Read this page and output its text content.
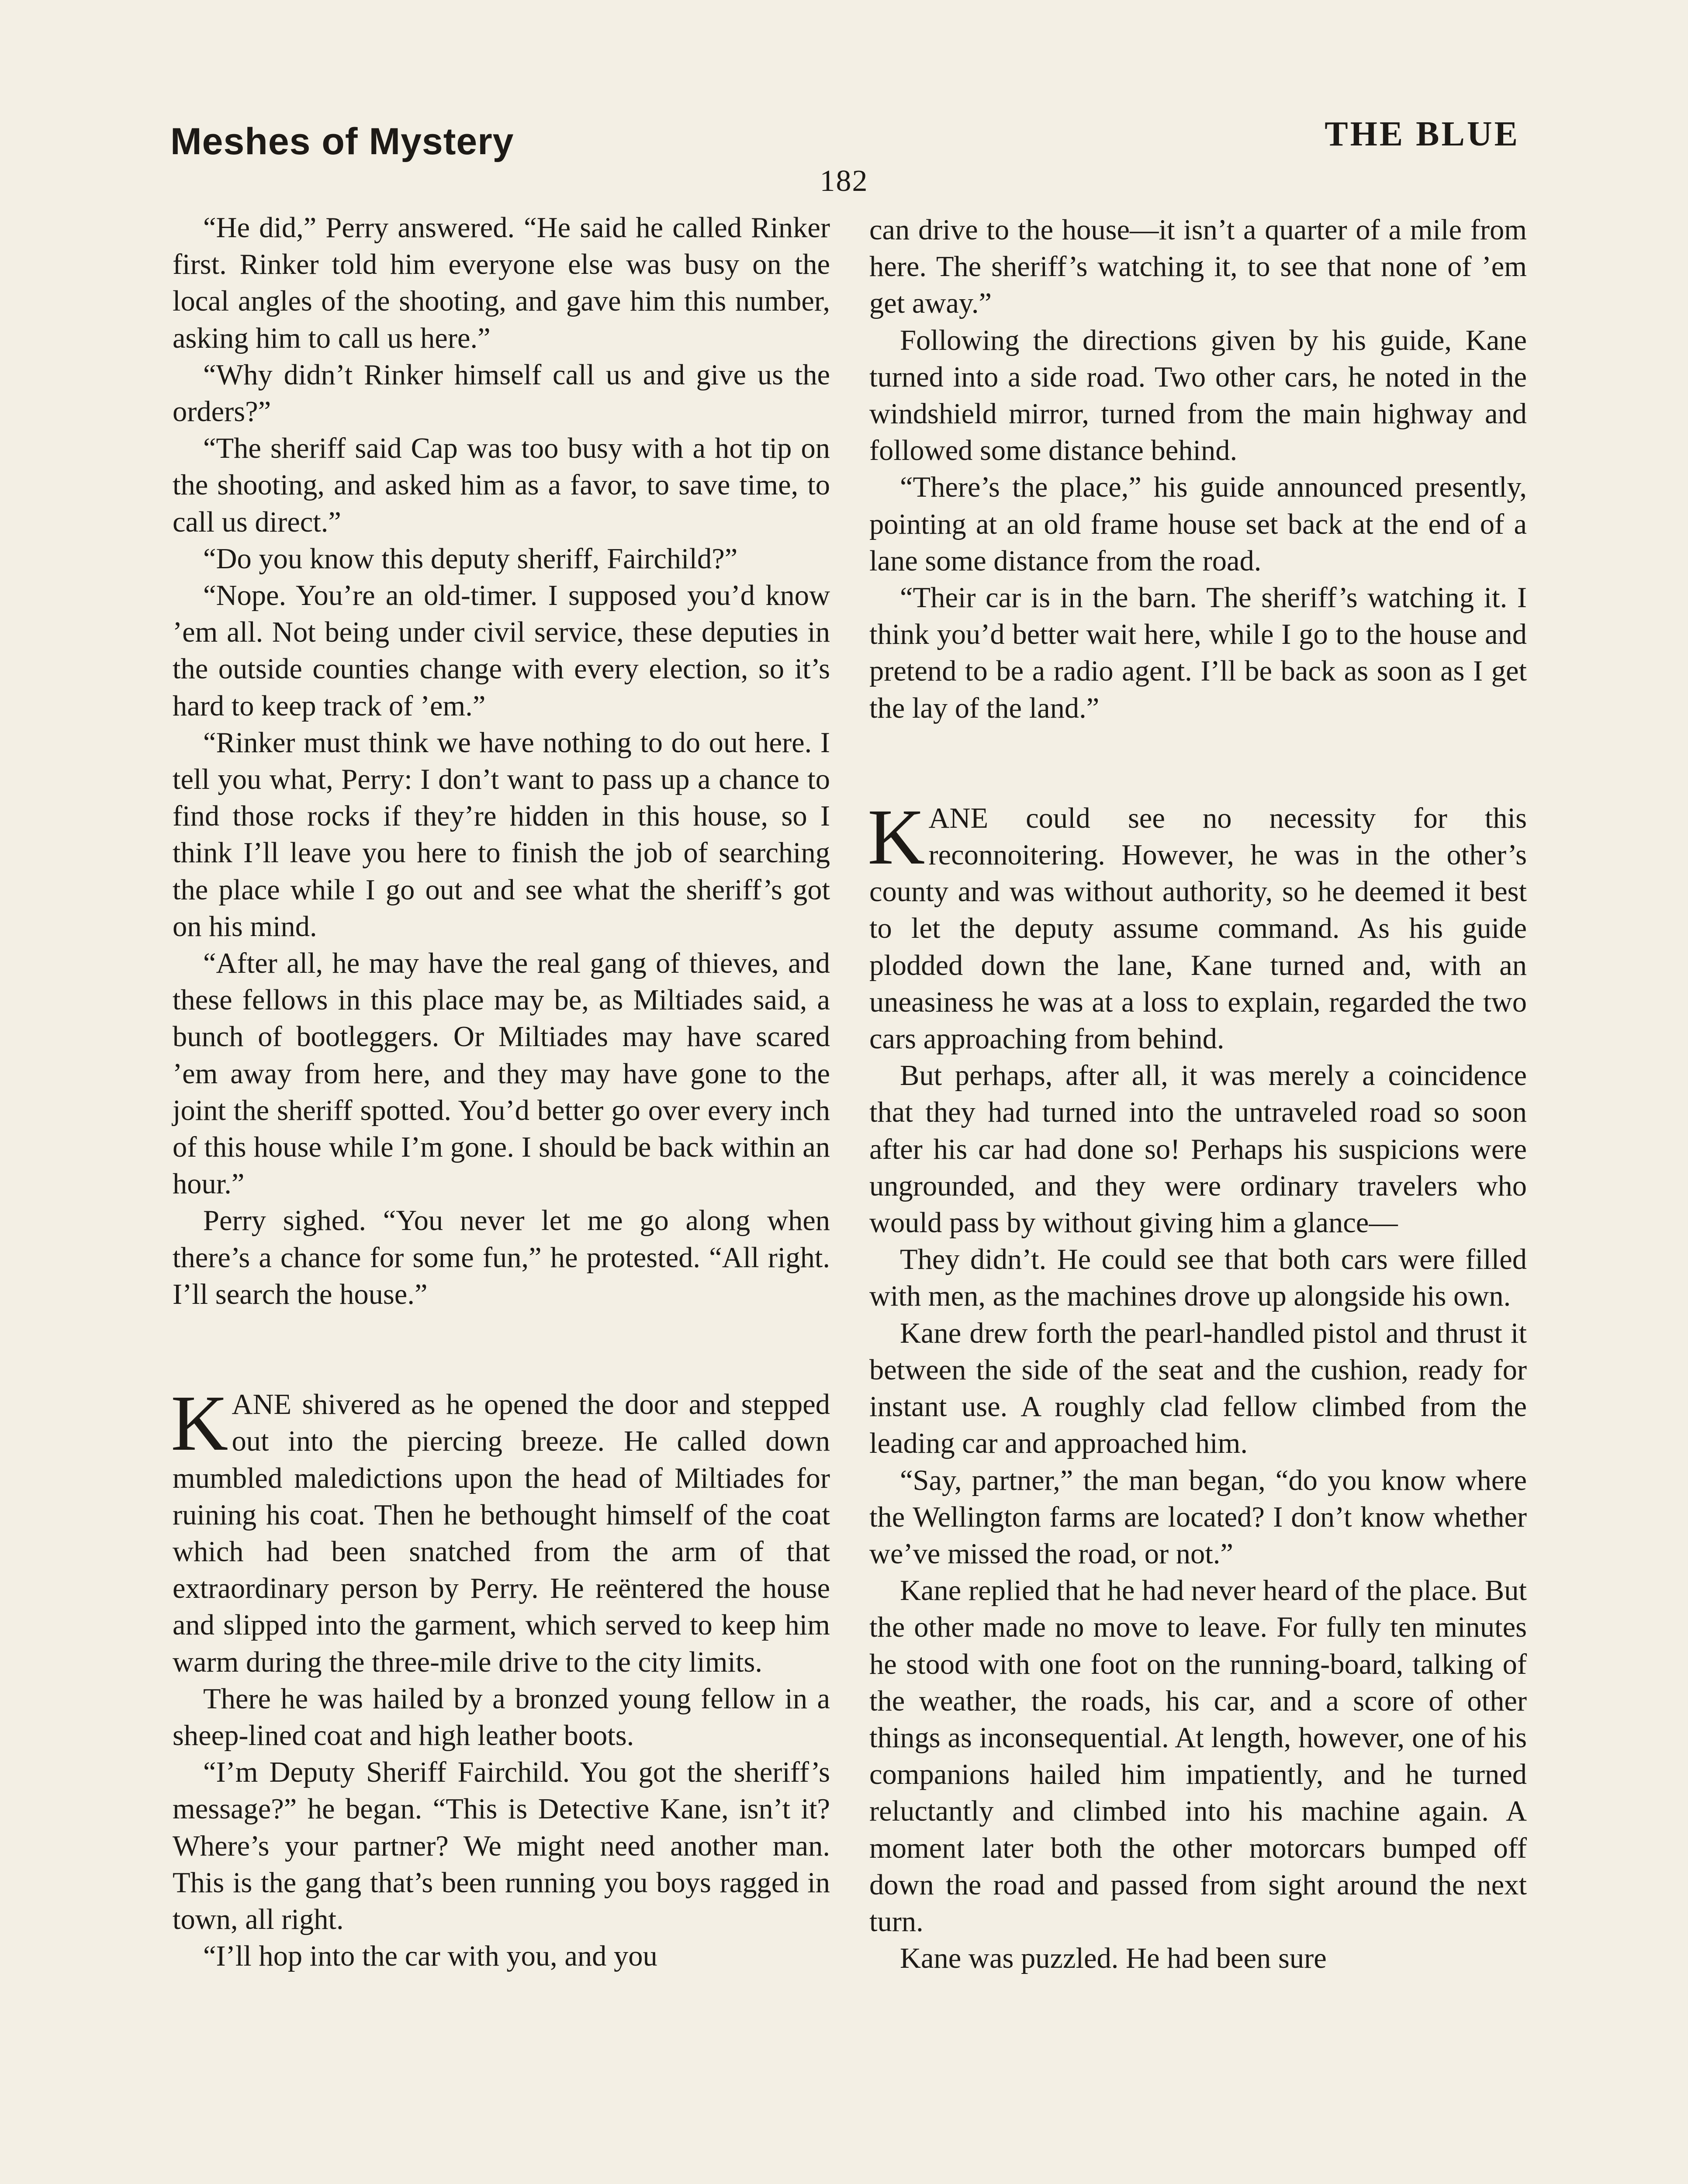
Meshes of Mystery	THE BLUE
182

“He did,” Perry answered. “He said he called Rinker first. Rinker told him everyone else was busy on the local angles of the shooting, and gave him this number, asking him to call us here.”

“Why didn’t Rinker himself call us and give us the orders?”

“The sheriff said Cap was too busy with a hot tip on the shooting, and asked him as a favor, to save time, to call us direct.”

“Do you know this deputy sheriff, Fairchild?”

“Nope. You’re an old-timer. I supposed you’d know ’em all. Not being under civil service, these deputies in the outside counties change with every election, so it’s hard to keep track of ’em.”

“Rinker must think we have nothing to do out here. I tell you what, Perry: I don’t want to pass up a chance to find those rocks if they’re hidden in this house, so I think I’ll leave you here to finish the job of searching the place while I go out and see what the sheriff’s got on his mind.

“After all, he may have the real gang of thieves, and these fellows in this place may be, as Miltiades said, a bunch of bootleggers. Or Miltiades may have scared ’em away from here, and they may have gone to the joint the sheriff spotted. You’d better go over every inch of this house while I’m gone. I should be back within an hour.”

Perry sighed. “You never let me go along when there’s a chance for some fun,” he protested. “All right. I’ll search the house.”

KANE shivered as he opened the door and stepped out into the piercing breeze. He called down mumbled maledictions upon the head of Miltiades for ruining his coat. Then he bethought himself of the coat which had been snatched from the arm of that extraordinary person by Perry. He reëntered the house and slipped into the garment, which served to keep him warm during the three-mile drive to the city limits.

There he was hailed by a bronzed young fellow in a sheep-lined coat and high leather boots.

“I’m Deputy Sheriff Fairchild. You got the sheriff’s message?” he began. “This is Detective Kane, isn’t it? Where’s your partner? We might need another man. This is the gang that’s been running you boys ragged in town, all right.

“I’ll hop into the car with you, and you

can drive to the house—it isn’t a quarter of a mile from here. The sheriff’s watching it, to see that none of ’em get away.”

Following the directions given by his guide, Kane turned into a side road. Two other cars, he noted in the windshield mirror, turned from the main highway and followed some distance behind.

“There’s the place,” his guide announced presently, pointing at an old frame house set back at the end of a lane some distance from the road.

“Their car is in the barn. The sheriff’s watching it. I think you’d better wait here, while I go to the house and pretend to be a radio agent. I’ll be back as soon as I get the lay of the land.”

KANE could see no necessity for this reconnoitering. However, he was in the other’s county and was without authority, so he deemed it best to let the deputy assume command. As his guide plodded down the lane, Kane turned and, with an uneasiness he was at a loss to explain, regarded the two cars approaching from behind.

But perhaps, after all, it was merely a coincidence that they had turned into the untraveled road so soon after his car had done so! Perhaps his suspicions were ungrounded, and they were ordinary travelers who would pass by without giving him a glance—

They didn’t. He could see that both cars were filled with men, as the machines drove up alongside his own.

Kane drew forth the pearl-handled pistol and thrust it between the side of the seat and the cushion, ready for instant use. A roughly clad fellow climbed from the leading car and approached him.

“Say, partner,” the man began, “do you know where the Wellington farms are located? I don’t know whether we’ve missed the road, or not.”

Kane replied that he had never heard of the place. But the other made no move to leave. For fully ten minutes he stood with one foot on the running-board, talking of the weather, the roads, his car, and a score of other things as inconsequential. At length, however, one of his companions hailed him impatiently, and he turned reluctantly and climbed into his machine again. A moment later both the other motorcars bumped off down the road and passed from sight around the next turn.

Kane was puzzled. He had been sure
